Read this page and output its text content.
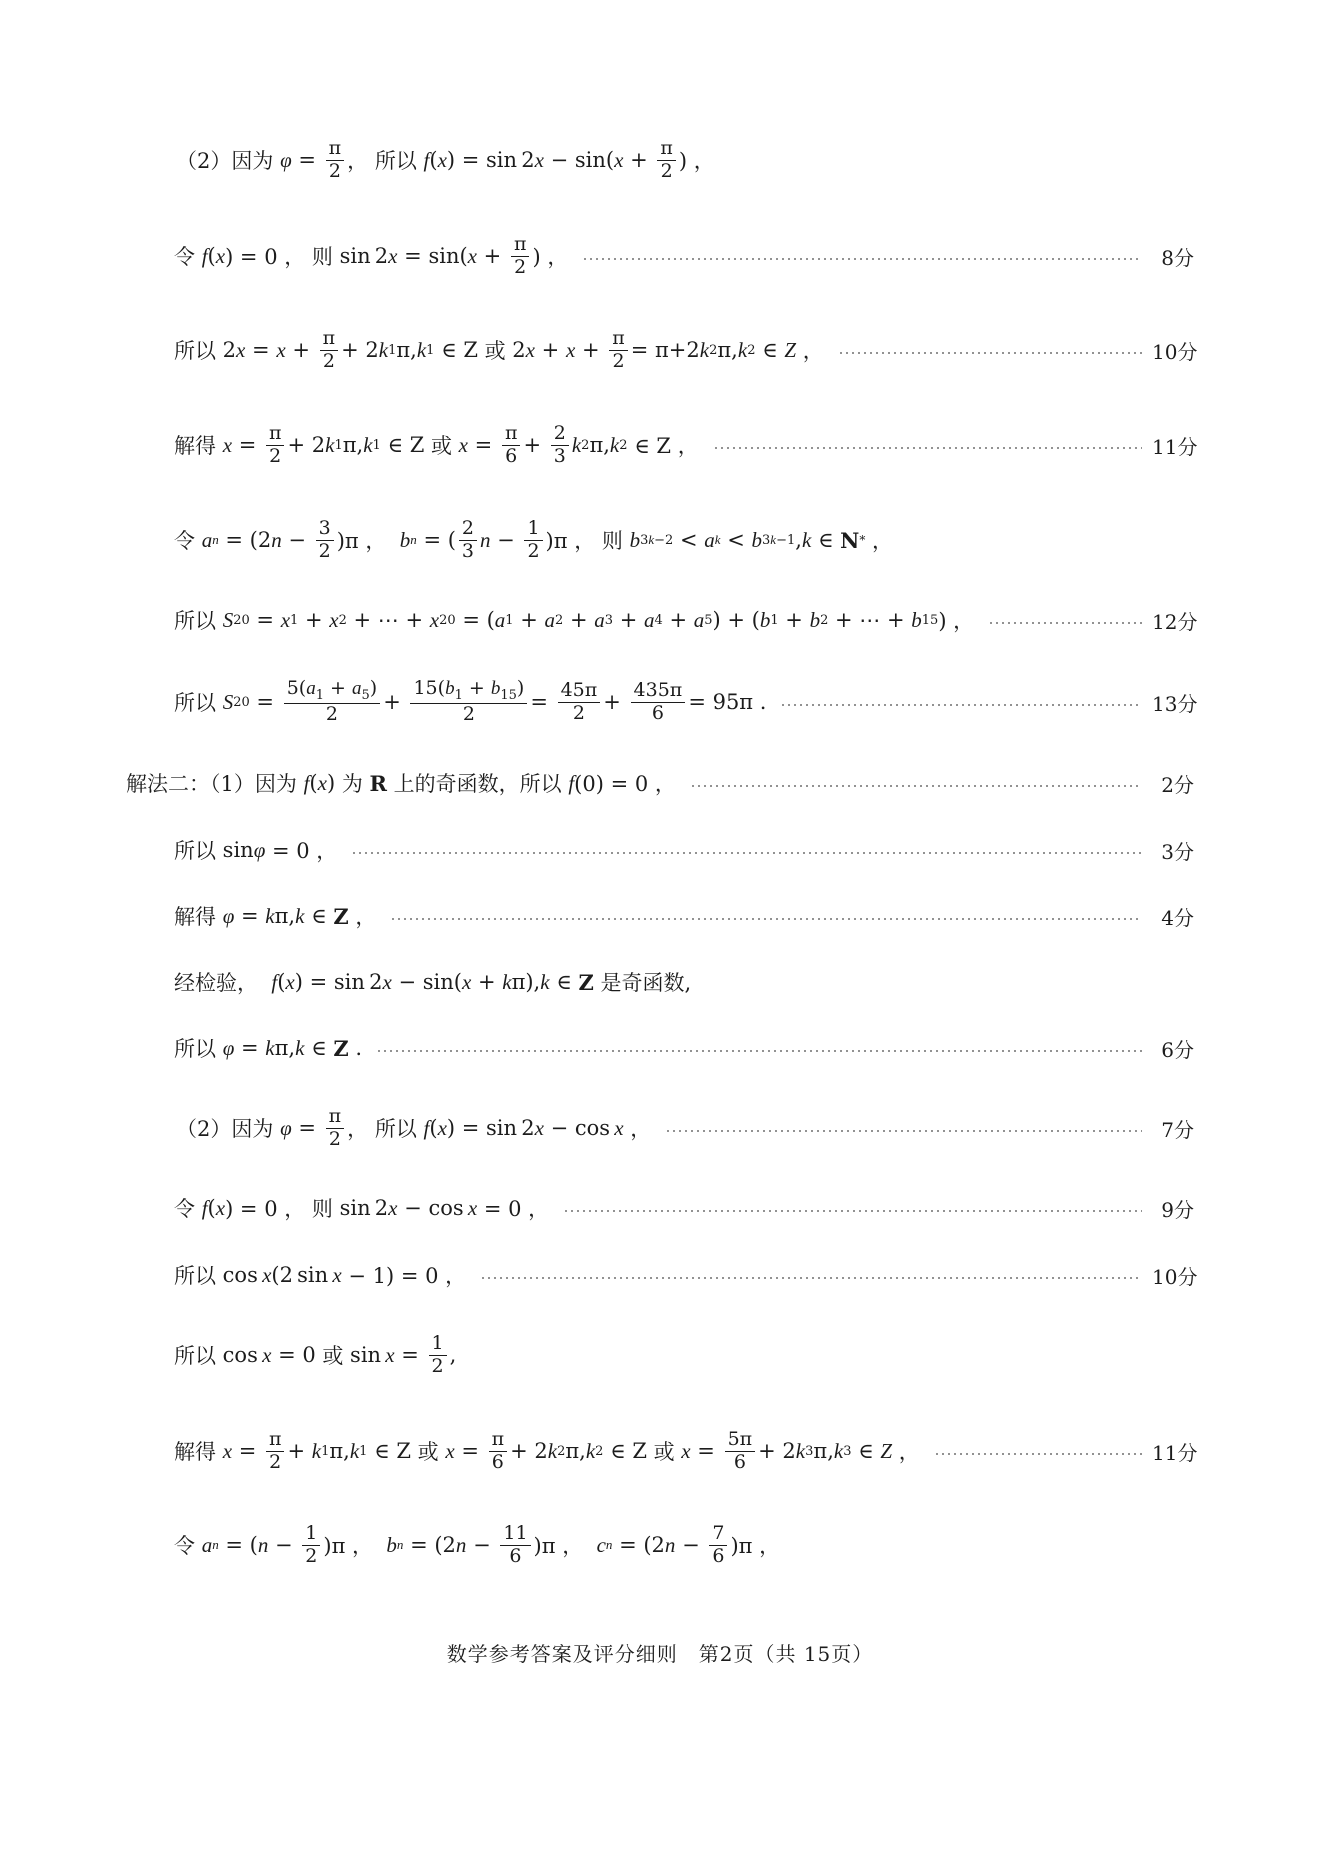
（2）因为
$\varphi = \frac{\pi}{2}$ ， 所以
f ( x ) = sin 2 x − sin( $x + \frac{\pi}{2}$ ) ，
令
f ( x ) = 0 ， 则 sin 2 x = sin( $x + \frac{\pi}{2}$ ) ，	8分
所以 2 $x = x + \frac{\pi}{2} + 2$ k 1 π, k 1 ∈ Z 或 2 $x + x + \frac{\pi}{2} = \pi+2$ k 2 π, k 2 ∈ Z ，	10分
解得
$x = \frac{\pi}{2} + 2$ k 1 π, k 1 ∈ Z 或
$x = \frac{\pi}{6} + \frac{2}{3}$ k 2 π, k 2 ∈ Z ，	11分
令
a n = (2 $n - \frac{3}{2} )\pi$ ， b n = ( $\frac{2}{3}$ $n - \frac{1}{2} )\pi$ ， 则
b 3k−2 < a k < b 3k−1 , k ∈ N * ，
所以
S 20 = x 1 + x 2 + ⋯ + x 20 = ( a 1 + a 2 + a 3 + a 4 + a 5 ) + ( b 1 + b 2 + ⋯ + b 15 ) ，	12分
所以
S $20 = \frac{5(a_1 + a_5)}{2} + \frac{15(b_1 + b_{15})}{2} = \frac{45\pi}{2} + \frac{435\pi}{6} = 95\pi$ .	13分
解法二：（1）因为
f ( x ) 为
R
上的奇函数，所以
f (0) = 0 ，	2分
所以 sin φ = 0 ，	3分
解得
φ = k π, k ∈ Z ，	4分
经检验，
f ( x ) = sin 2 x − sin( x + k π), k ∈ Z
是奇函数,
所以
φ = k π, k ∈ Z .	6分
（2）因为
$\varphi = \frac{\pi}{2}$ ， 所以
f ( x ) = sin 2 x − cos  x ，	7分
令
f ( x ) = 0 ， 则 sin 2 x − cos  x = 0 ，	9分
所以 cos  x (2 sin  x − 1) = 0 ，	10分
所以 cos  x = 0 或 $\sin x = \frac{1}{2}$ ,
解得
$x = \frac{\pi}{2} + k$ 1 π, k 1 ∈ Z 或
$x = \frac{\pi}{6} + 2$ k 2 π, k 2 ∈ Z 或
$x = \frac{5\pi}{6} + 2$ k 3 π, k 3 ∈ Z ，	11分
令
a n = ( $n - \frac{1}{2} )\pi$ ， b n = (2 $n - \frac{11}{6} )\pi$ ， c n = (2 $n - \frac{7}{6} )\pi$ ，
数学参考答案及评分细则　第2页（共 15页）
